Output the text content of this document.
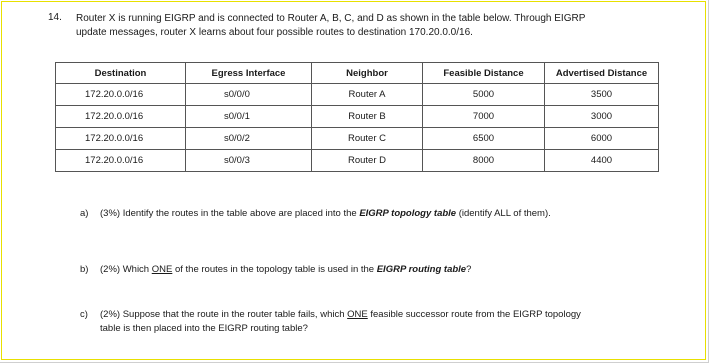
14. Router X is running EIGRP and is connected to Router A, B, C, and D as shown in the table below. Through EIGRP
update messages, router X learns about four possible routes to destination 170.20.0.0/16.
Destination	Egress Interface	Neighbor	Feasible Distance	Advertised Distance
172.20.0.0/16	s0/0/0	Router A	5000	3500
172.20.0.0/16	s0/0/1	Router B	7000	3000
172.20.0.0/16	s0/0/2	Router C	6500	6000
172.20.0.0/16	s0/0/3	Router D	8000	4400
a) (3%) Identify the routes in the table above are placed into the EIGRP topology table (identify ALL of them).
b) (2%) Which ONE of the routes in the topology table is used in the EIGRP routing table?
c) (2%) Suppose that the route in the router table fails, which ONE feasible successor route from the EIGRP topology
table is then placed into the EIGRP routing table?
